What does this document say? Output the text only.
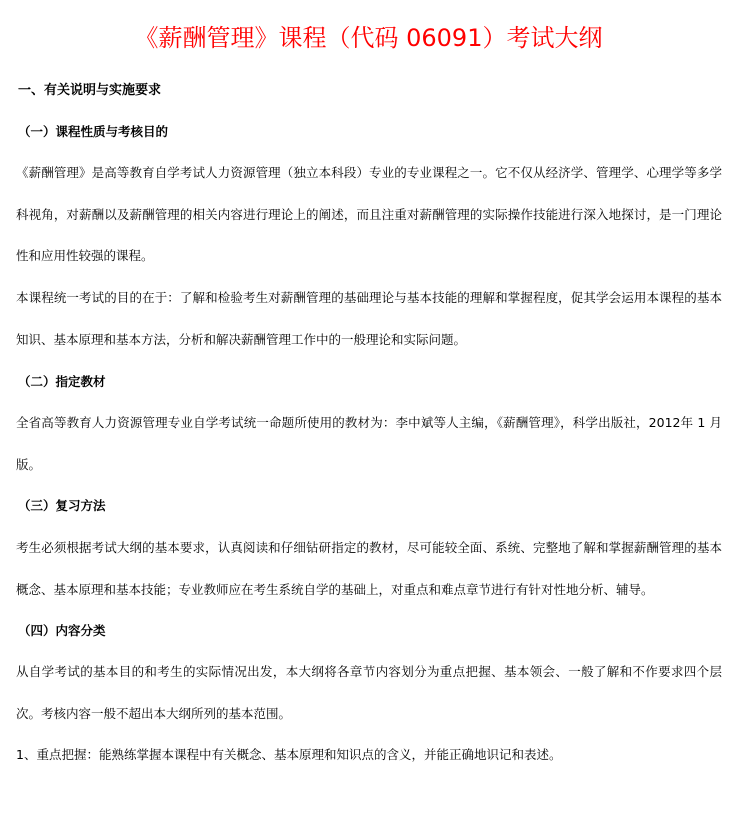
《薪酬管理》课程（代码 06091）考试大纲
一、有关说明与实施要求
（一）课程性质与考核目的
《薪酬管理》是高等教育自学考试人力资源管理（独立本科段）专业的专业课程之一。它不仅从经济学、管理学、心理学等多学科视角，对薪酬以及薪酬管理的相关内容进行理论上的阐述，而且注重对薪酬管理的实际操作技能进行深入地探讨，是一门理论性和应用性较强的课程。
本课程统一考试的目的在于：了解和检验考生对薪酬管理的基础理论与基本技能的理解和掌握程度，促其学会运用本课程的基本知识、基本原理和基本方法，分析和解决薪酬管理工作中的一般理论和实际问题。
（二）指定教材
全省高等教育人力资源管理专业自学考试统一命题所使用的教材为：李中斌等人主编，《薪酬管理》，科学出版社，2012年 1 月版。
（三）复习方法
考生必须根据考试大纲的基本要求，认真阅读和仔细钻研指定的教材，尽可能较全面、系统、完整地了解和掌握薪酬管理的基本概念、基本原理和基本技能；专业教师应在考生系统自学的基础上，对重点和难点章节进行有针对性地分析、辅导。
（四）内容分类
从自学考试的基本目的和考生的实际情况出发，本大纲将各章节内容划分为重点把握、基本领会、一般了解和不作要求四个层次。考核内容一般不超出本大纲所列的基本范围。
1、重点把握：能熟练掌握本课程中有关概念、基本原理和知识点的含义，并能正确地识记和表述。
